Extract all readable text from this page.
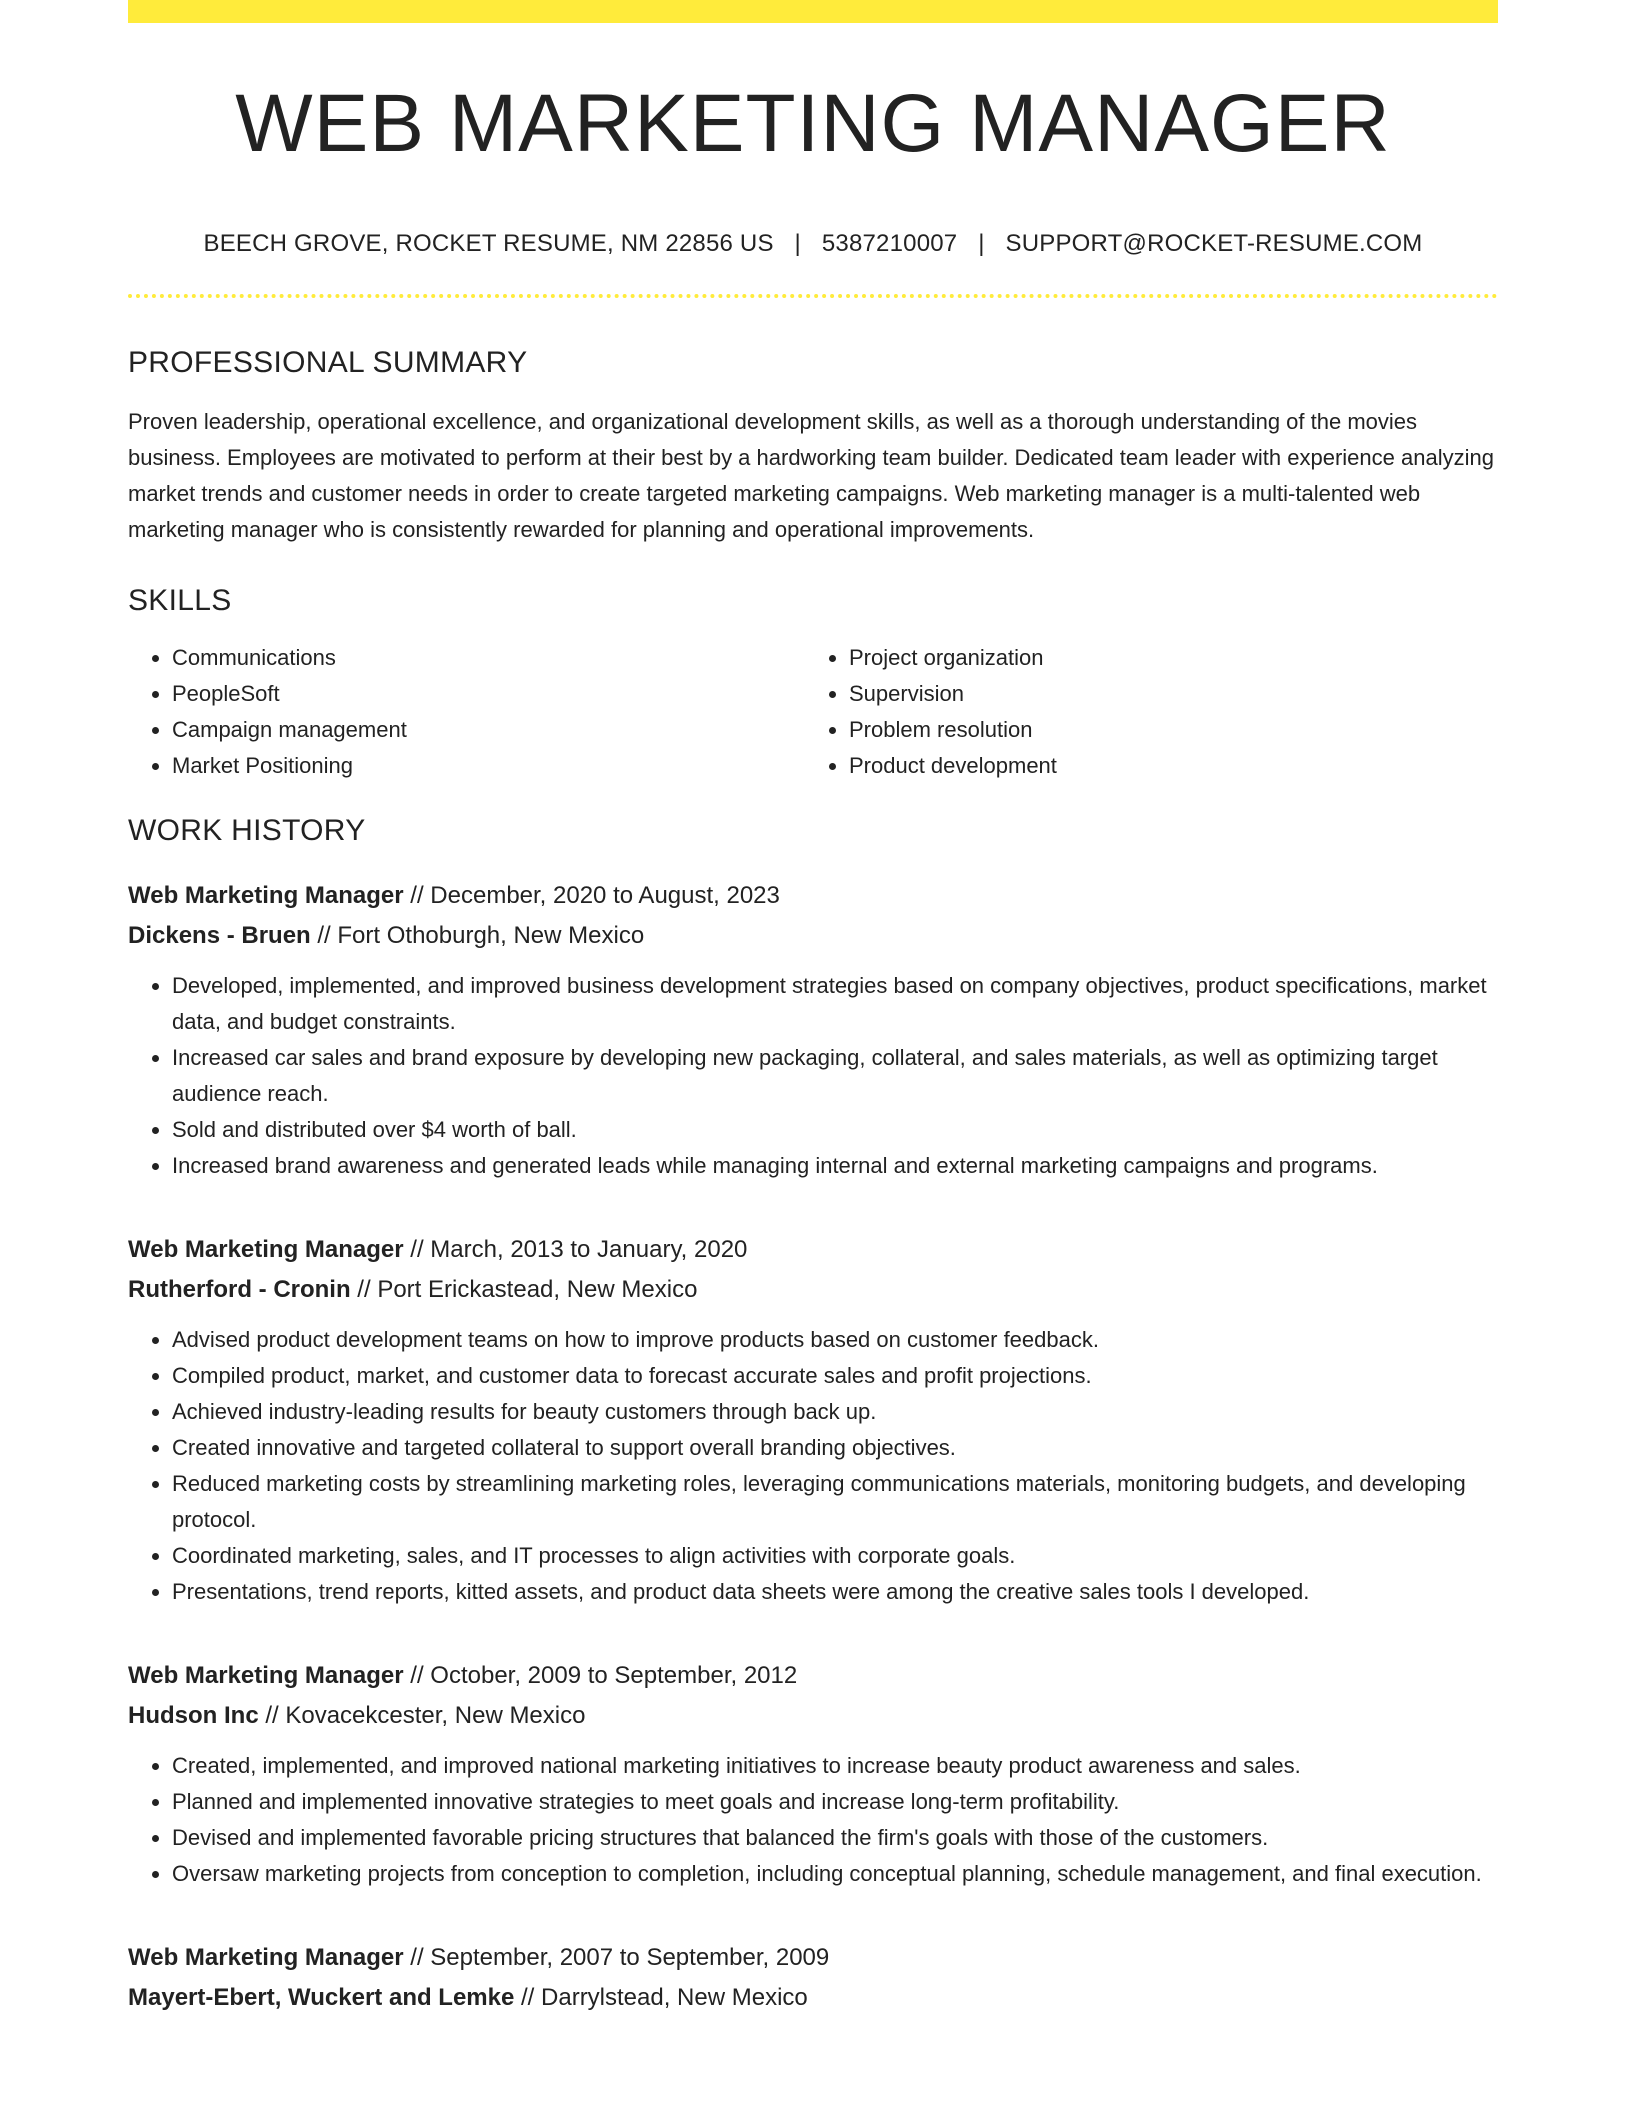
WEB MARKETING MANAGER
BEECH GROVE, ROCKET RESUME, NM 22856 US | 5387210007 | SUPPORT@ROCKET-RESUME.COM
PROFESSIONAL SUMMARY

Proven leadership, operational excellence, and organizational development skills, as well as a thorough understanding of the movies business. Employees are motivated to perform at their best by a hardworking team builder. Dedicated team leader with experience analyzing market trends and customer needs in order to create targeted marketing campaigns. Web marketing manager is a multi-talented web marketing manager who is consistently rewarded for planning and operational improvements.

SKILLS
• Communications
• PeopleSoft
• Campaign management
• Market Positioning
• Project organization
• Supervision
• Problem resolution
• Product development
WORK HISTORY
Web Marketing Manager // December, 2020 to August, 2023
Dickens - Bruen // Fort Othoburgh, New Mexico
• Developed, implemented, and improved business development strategies based on company objectives, product specifications, market data, and budget constraints.
• Increased car sales and brand exposure by developing new packaging, collateral, and sales materials, as well as optimizing target audience reach.
• Sold and distributed over $4 worth of ball.
• Increased brand awareness and generated leads while managing internal and external marketing campaigns and programs.
Web Marketing Manager // March, 2013 to January, 2020
Rutherford - Cronin // Port Erickastead, New Mexico
• Advised product development teams on how to improve products based on customer feedback.
• Compiled product, market, and customer data to forecast accurate sales and profit projections.
• Achieved industry-leading results for beauty customers through back up.
• Created innovative and targeted collateral to support overall branding objectives.
• Reduced marketing costs by streamlining marketing roles, leveraging communications materials, monitoring budgets, and developing protocol.
• Coordinated marketing, sales, and IT processes to align activities with corporate goals.
• Presentations, trend reports, kitted assets, and product data sheets were among the creative sales tools I developed.
Web Marketing Manager // October, 2009 to September, 2012
Hudson Inc // Kovacekcester, New Mexico
• Created, implemented, and improved national marketing initiatives to increase beauty product awareness and sales.
• Planned and implemented innovative strategies to meet goals and increase long-term profitability.
• Devised and implemented favorable pricing structures that balanced the firm's goals with those of the customers.
• Oversaw marketing projects from conception to completion, including conceptual planning, schedule management, and final execution.
Web Marketing Manager // September, 2007 to September, 2009
Mayert-Ebert, Wuckert and Lemke // Darrylstead, New Mexico
